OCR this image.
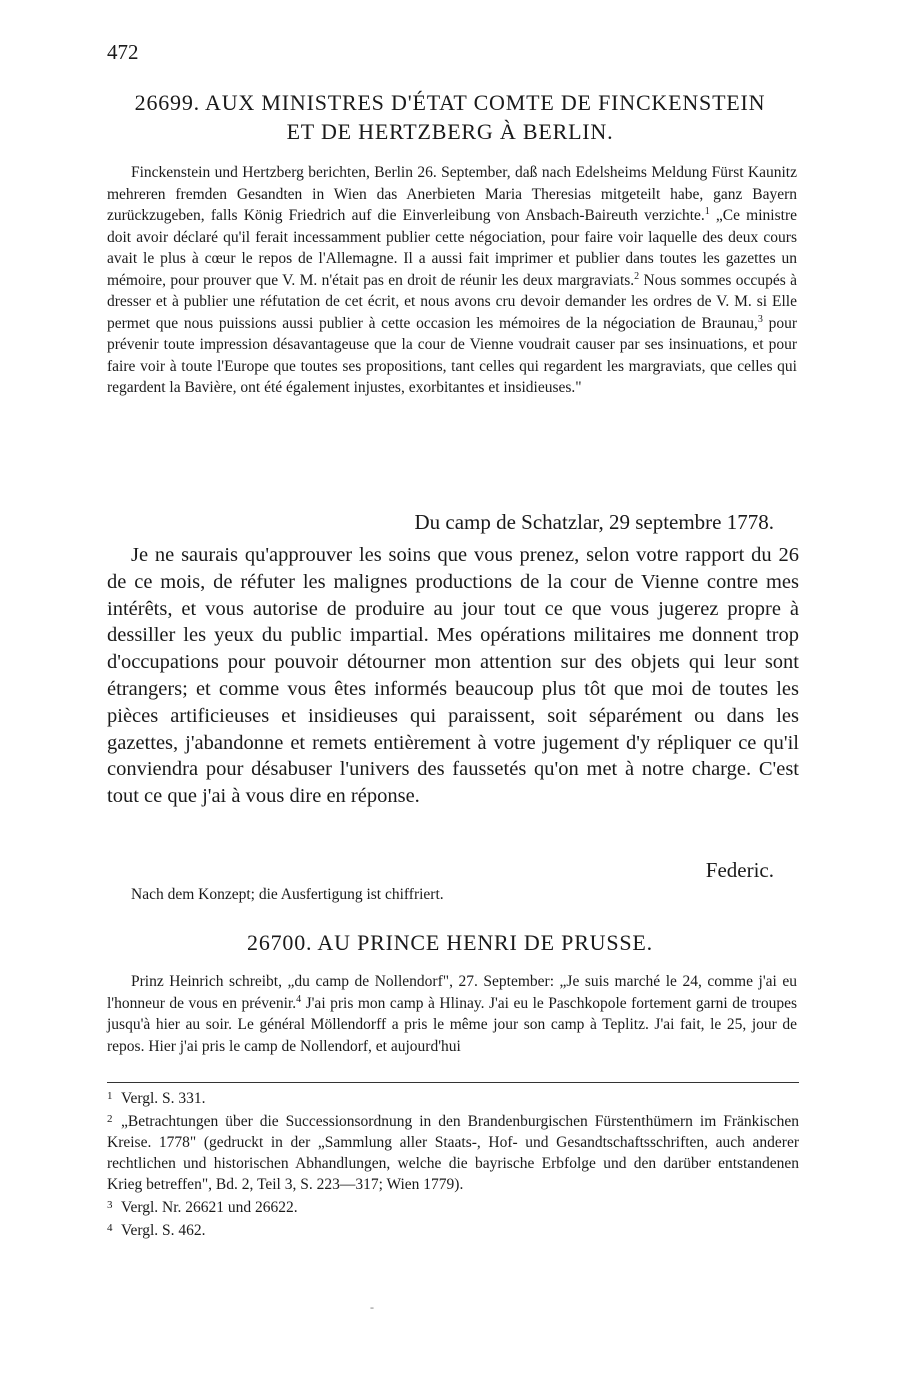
472
26699. AUX MINISTRES D'ÉTAT COMTE DE FINCKENSTEIN
ET DE HERTZBERG À BERLIN.

Finckenstein und Hertzberg berichten, Berlin 26. September, daß nach Edelsheims Meldung Fürst Kaunitz mehreren fremden Gesandten in Wien das Anerbieten Maria Theresias mitgeteilt habe, ganz Bayern zurückzugeben, falls König Friedrich auf die Einverleibung von Ansbach-Baireuth verzichte.$^1$ „Ce ministre doit avoir déclaré qu'il ferait incessamment publier cette négociation, pour faire voir laquelle des deux cours avait le plus à cœur le repos de l'Allemagne. Il a aussi fait imprimer et publier dans toutes les gazettes un mémoire, pour prouver que V. M. n'était pas en droit de réunir les deux margraviats.$^2$ Nous sommes occupés à dresser et à publier une réfutation de cet écrit, et nous avons cru devoir demander les ordres de V. M. si Elle permet que nous puissions aussi publier à cette occasion les mémoires de la négociation de Braunau,$^3$ pour prévenir toute impression désavantageuse que la cour de Vienne voudrait causer par ses insinuations, et pour faire voir à toute l'Europe que toutes ses propositions, tant celles qui regardent les margraviats, que celles qui regardent la Bavière, ont été également injustes, exorbitantes et insidieuses."

Du camp de Schatzlar, 29 septembre 1778.

Je ne saurais qu'approuver les soins que vous prenez, selon votre rapport du 26 de ce mois, de réfuter les malignes productions de la cour de Vienne contre mes intérêts, et vous autorise de produire au jour tout ce que vous jugerez propre à dessiller les yeux du public impartial. Mes opérations militaires me donnent trop d'occupations pour pouvoir détourner mon attention sur des objets qui leur sont étrangers; et comme vous êtes informés beaucoup plus tôt que moi de toutes les pièces artificieuses et insidieuses qui paraissent, soit séparément ou dans les gazettes, j'abandonne et remets entièrement à votre jugement d'y répliquer ce qu'il conviendra pour désabuser l'univers des faussetés qu'on met à notre charge. C'est tout ce que j'ai à vous dire en réponse.

Federic.
Nach dem Konzept; die Ausfertigung ist chiffriert.
26700. AU PRINCE HENRI DE PRUSSE.

Prinz Heinrich schreibt, „du camp de Nollendorf", 27. September: „Je suis marché le 24, comme j'ai eu l'honneur de vous en prévenir.$^4$ J'ai pris mon camp à Hlinay. J'ai eu le Paschkopole fortement garni de troupes jusqu'à hier au soir. Le général Möllendorff a pris le même jour son camp à Teplitz. J'ai fait, le 25, jour de repos. Hier j'ai pris le camp de Nollendorf, et aujourd'hui

1 Vergl. S. 331.

2 „Betrachtungen über die Successionsordnung in den Brandenburgischen Fürstenthümern im Fränkischen Kreise. 1778" (gedruckt in der „Sammlung aller Staats-, Hof- und Gesandtschaftsschriften, auch anderer rechtlichen und historischen Abhandlungen, welche die bayrische Erbfolge und den darüber entstandenen Krieg betreffen", Bd. 2, Teil 3, S. 223—317; Wien 1779).

3 Vergl. Nr. 26621 und 26622.

4 Vergl. S. 462.

-
